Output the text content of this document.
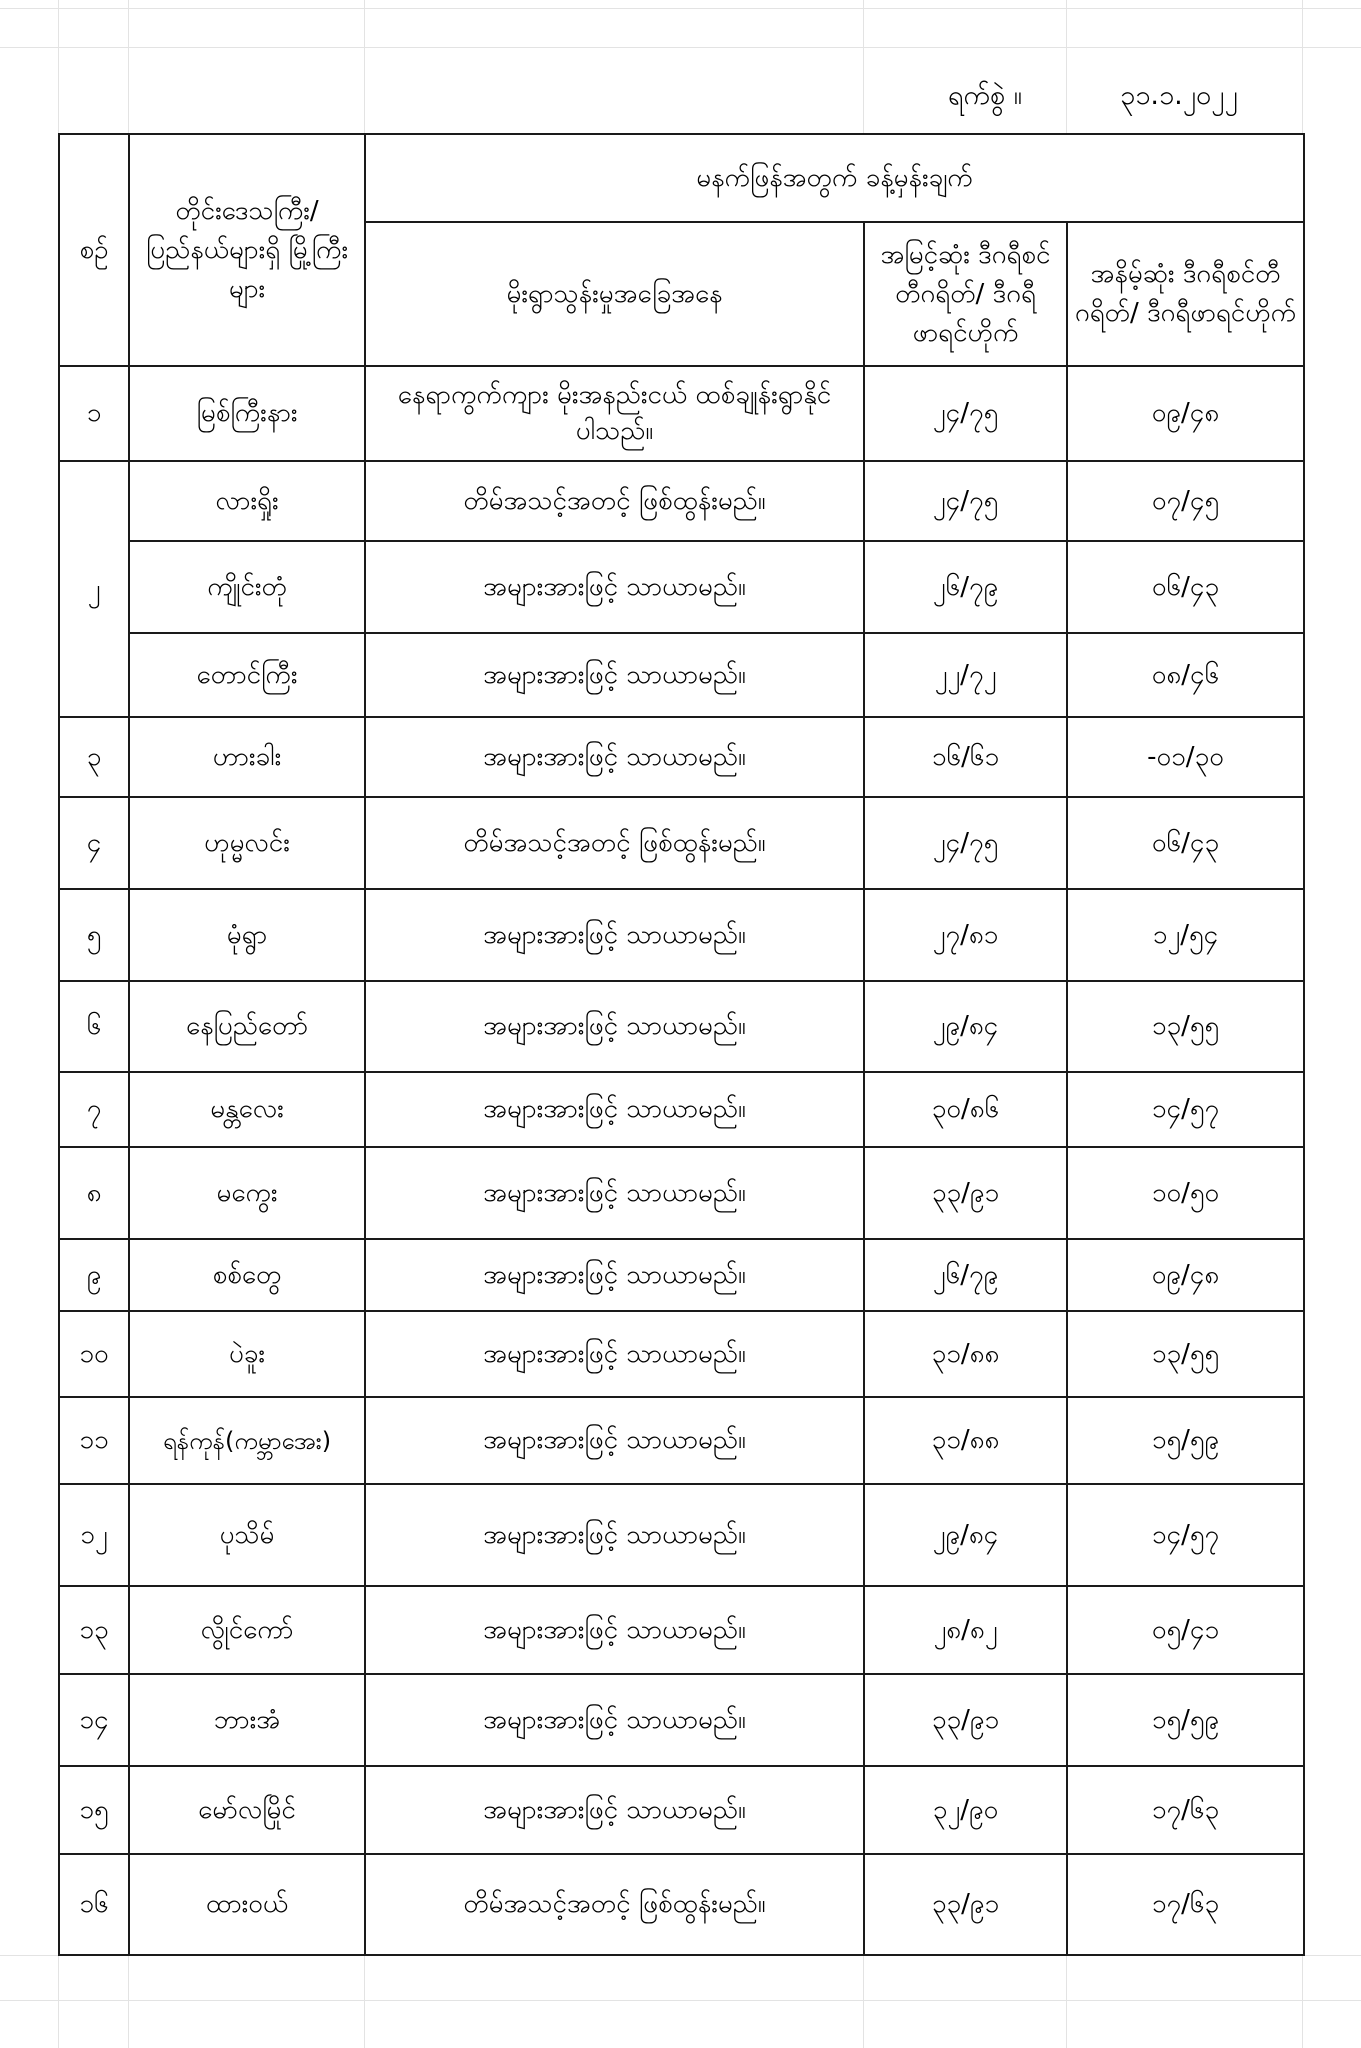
ရက်စွဲ ။	၃၁.၁.၂၀၂၂
စဉ်	တိုင်းဒေသကြီး/ ပြည်နယ်များရှိ မြို့ကြီးများ	မနက်ဖြန်အတွက် ခန့်မှန်းချက်		
		မိုးရွာသွန်းမှုအခြေအနေ	အမြင့်ဆုံး ဒီဂရီစင်တီဂရိတ်/ ဒီဂရီဖာရင်ဟိုက်	အနိမ့်ဆုံး ဒီဂရီစင်တီဂရိတ်/ ဒီဂရီဖာရင်ဟိုက်
၁	မြစ်ကြီးနား	နေရာကွက်ကျား မိုးအနည်းငယ် ထစ်ချုန်းရွာနိုင်ပါသည်။	၂၄/၇၅	၀၉/၄၈
၂	လားရှိုး	တိမ်အသင့်အတင့် ဖြစ်ထွန်းမည်။	၂၄/၇၅	၀၇/၄၅
	ကျိုင်းတုံ	အများအားဖြင့် သာယာမည်။	၂၆/၇၉	၀၆/၄၃
	တောင်ကြီး	အများအားဖြင့် သာယာမည်။	၂၂/၇၂	၀၈/၄၆
၃	ဟားခါး	အများအားဖြင့် သာယာမည်။	၁၆/၆၁	-၀၁/၃၀
၄	ဟုမ္မလင်း	တိမ်အသင့်အတင့် ဖြစ်ထွန်းမည်။	၂၄/၇၅	၀၆/၄၃
၅	မုံရွာ	အများအားဖြင့် သာယာမည်။	၂၇/၈၁	၁၂/၅၄
၆	နေပြည်တော်	အများအားဖြင့် သာယာမည်။	၂၉/၈၄	၁၃/၅၅
၇	မန္တလေး	အများအားဖြင့် သာယာမည်။	၃၀/၈၆	၁၄/၅၇
၈	မကွေး	အများအားဖြင့် သာယာမည်။	၃၃/၉၁	၁၀/၅၀
၉	စစ်တွေ	အများအားဖြင့် သာယာမည်။	၂၆/၇၉	၀၉/၄၈
၁၀	ပဲခူး	အများအားဖြင့် သာယာမည်။	၃၁/၈၈	၁၃/၅၅
၁၁	ရန်ကုန်(ကမ္ဘာအေး)	အများအားဖြင့် သာယာမည်။	၃၁/၈၈	၁၅/၅၉
၁၂	ပုသိမ်	အများအားဖြင့် သာယာမည်။	၂၉/၈၄	၁၄/၅၇
၁၃	လွိုင်ကော်	အများအားဖြင့် သာယာမည်။	၂၈/၈၂	၀၅/၄၁
၁၄	ဘားအံ	အများအားဖြင့် သာယာမည်။	၃၃/၉၁	၁၅/၅၉
၁၅	မော်လမြိုင်	အများအားဖြင့် သာယာမည်။	၃၂/၉၀	၁၇/၆၃
၁၆	ထားဝယ်	တိမ်အသင့်အတင့် ဖြစ်ထွန်းမည်။	၃၃/၉၁	၁၇/၆၃
